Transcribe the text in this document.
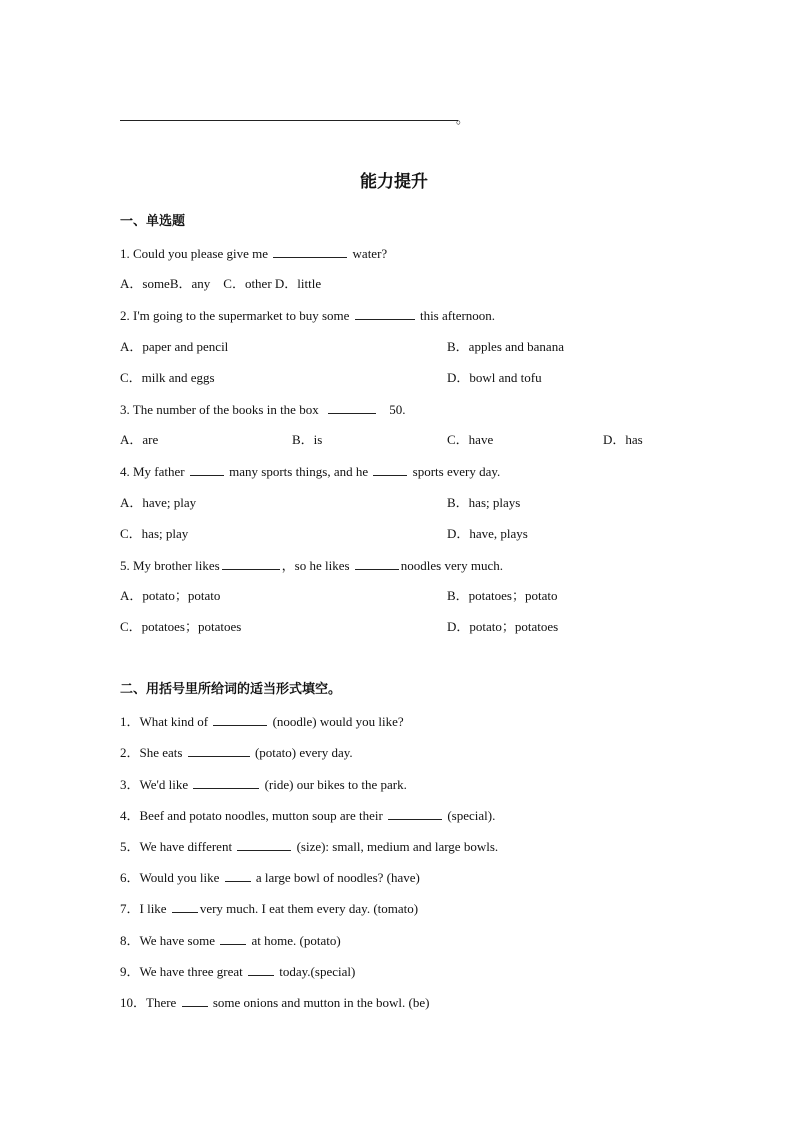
。
能力提升
一、单选题
1. Could you please give me	water?
A．someB．any　C．other D．little
2. I'm going to the supermarket to buy some	this afternoon.
A．paper and pencil	B．apples and banana
C．milk and eggs	D．bowl and tofu
3. The number of the books in the box	50.
A．are	B．is	C．have	D．has
4. My father	many sports things, and he	sports every day.
A．have; play	B．has; plays
C．has; play	D．have, plays
5. My brother likes	，so he likes	noodles very much.
A．potato；potato	B．potatoes；potato
C．potatoes；potatoes	D．potato；potatoes
二、用括号里所给词的适当形式填空。
1．What kind of	(noodle) would you like?
2．She eats	(potato) every day.
3．We'd like	(ride) our bikes to the park.
4．Beef and potato noodles, mutton soup are their	(special).
5．We have different	(size): small, medium and large bowls.
6．Would you like	a large bowl of noodles? (have)
7．I like	very much. I eat them every day. (tomato)
8．We have some	at home. (potato)
9．We have three great	today.(special)
10．There	some onions and mutton in the bowl. (be)
